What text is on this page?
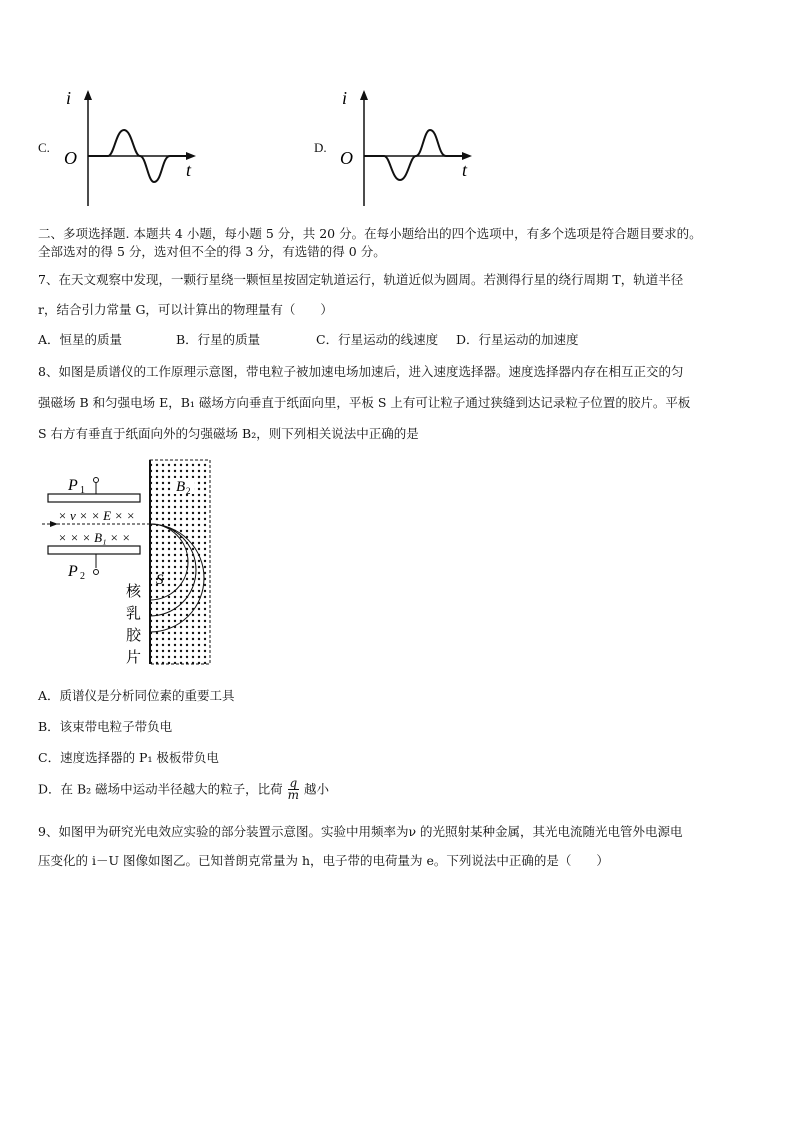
C.
i
O
t
D.
i
O
t
二、多项选择题. 本题共 4 小题，每小题 5 分，共 20 分。在每小题给出的四个选项中，有多个选项是符合题目要求的。
全部选对的得 5 分，选对但不全的得 3 分，有选错的得 0 分。
7、在天文观察中发现，一颗行星绕一颗恒星按固定轨道运行，轨道近似为圆周。若测得行星的绕行周期 T，轨道半径
r，结合引力常量 G，可以计算出的物理量有（　　）
A．恒星的质量	B．行星的质量	C．行星运动的线速度 D．行星运动的加速度
8、如图是质谱仪的工作原理示意图，带电粒子被加速电场加速后，进入速度选择器。速度选择器内存在相互正交的匀
强磁场 B 和匀强电场 E，B₁ 磁场方向垂直于纸面向里，平板 S 上有可让粒子通过狭缝到达记录粒子位置的胶片。平板
S 右方有垂直于纸面向外的匀强磁场 B₂，则下列相关说法中正确的是
P 1
P 2
B 2
S
× v × × E × ×
× × × B₁ × ×
核
乳
胶
片
A．质谱仪是分析同位素的重要工具
B．该束带电粒子带负电
C．速度选择器的 P₁ 极板带负电
D．在 B₂ 磁场中运动半径越大的粒子，比荷 $\frac{q}{m}$ 越小
9、如图甲为研究光电效应实验的部分装置示意图。实验中用频率为ν 的光照射某种金属，其光电流随光电管外电源电
压变化的 i－U 图像如图乙。已知普朗克常量为 h，电子带的电荷量为 e。下列说法中正确的是（　　）
